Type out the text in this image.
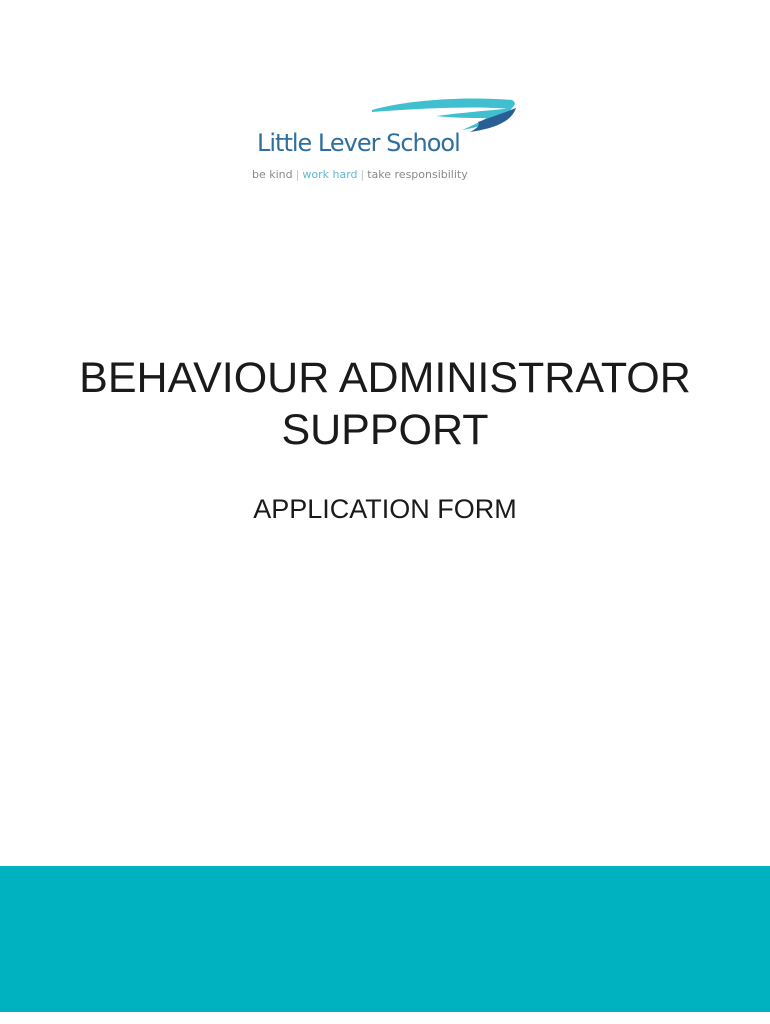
Little Lever School
be kind | work hard | take responsibility
BEHAVIOUR ADMINISTRATOR
SUPPORT
APPLICATION FORM
